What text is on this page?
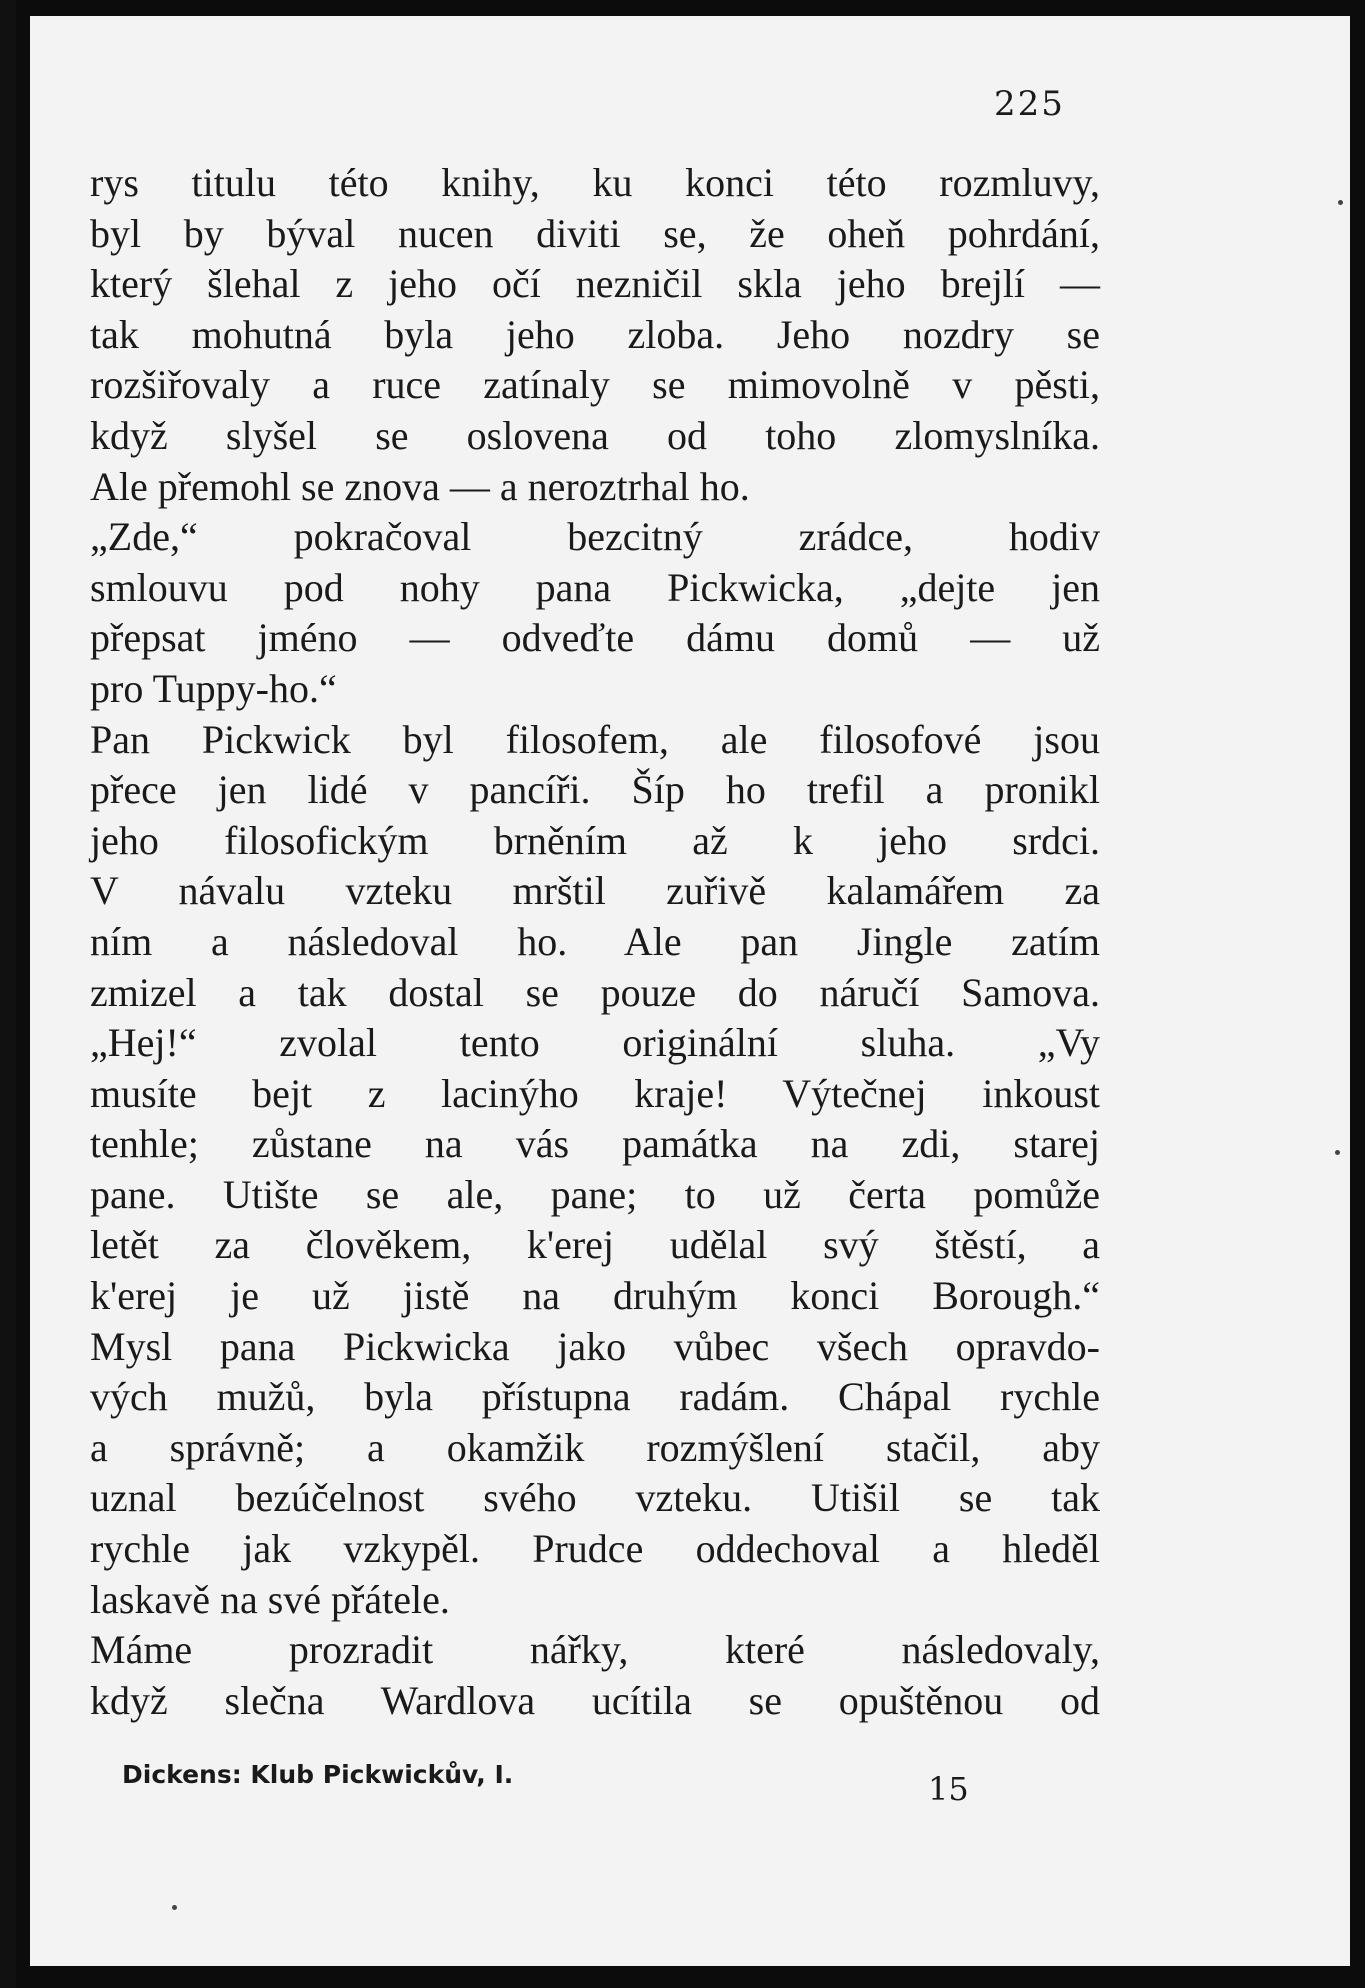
225
rys titulu této knihy, ku konci této rozmluvy,
byl by býval nucen diviti se, že oheň pohrdání,
který šlehal z jeho očí nezničil skla jeho brejlí —
tak mohutná byla jeho zloba. Jeho nozdry se
rozšiřovaly a ruce zatínaly se mimovolně v pěsti,
když slyšel se oslovena od toho zlomyslníka.
Ale přemohl se znova — a neroztrhal ho.
„Zde,“ pokračoval bezcitný zrádce, hodiv
smlouvu pod nohy pana Pickwicka, „dejte jen
přepsat jméno — odveďte dámu domů — už
pro Tuppy-ho.“
Pan Pickwick byl filosofem, ale filosofové jsou
přece jen lidé v pancíři. Šíp ho trefil a pronikl
jeho filosofickým brněním až k jeho srdci.
V návalu vzteku mrštil zuřivě kalamářem za
ním a následoval ho. Ale pan Jingle zatím
zmizel a tak dostal se pouze do náručí Samova.
„Hej!“ zvolal tento originální sluha. „Vy
musíte bejt z lacinýho kraje! Výtečnej inkoust
tenhle; zůstane na vás památka na zdi, starej
pane. Utište se ale, pane; to už čerta pomůže
letět za člověkem, k'erej udělal svý štěstí, a
k'erej je už jistě na druhým konci Borough.“
Mysl pana Pickwicka jako vůbec všech opravdo-
vých mužů, byla přístupna radám. Chápal rychle
a správně; a okamžik rozmýšlení stačil, aby
uznal bezúčelnost svého vzteku. Utišil se tak
rychle jak vzkypěl. Prudce oddechoval a hleděl
laskavě na své přátele.
Máme prozradit nářky, které následovaly,
když slečna Wardlova ucítila se opuštěnou od
Dickens: Klub Pickwickův, I.	15
